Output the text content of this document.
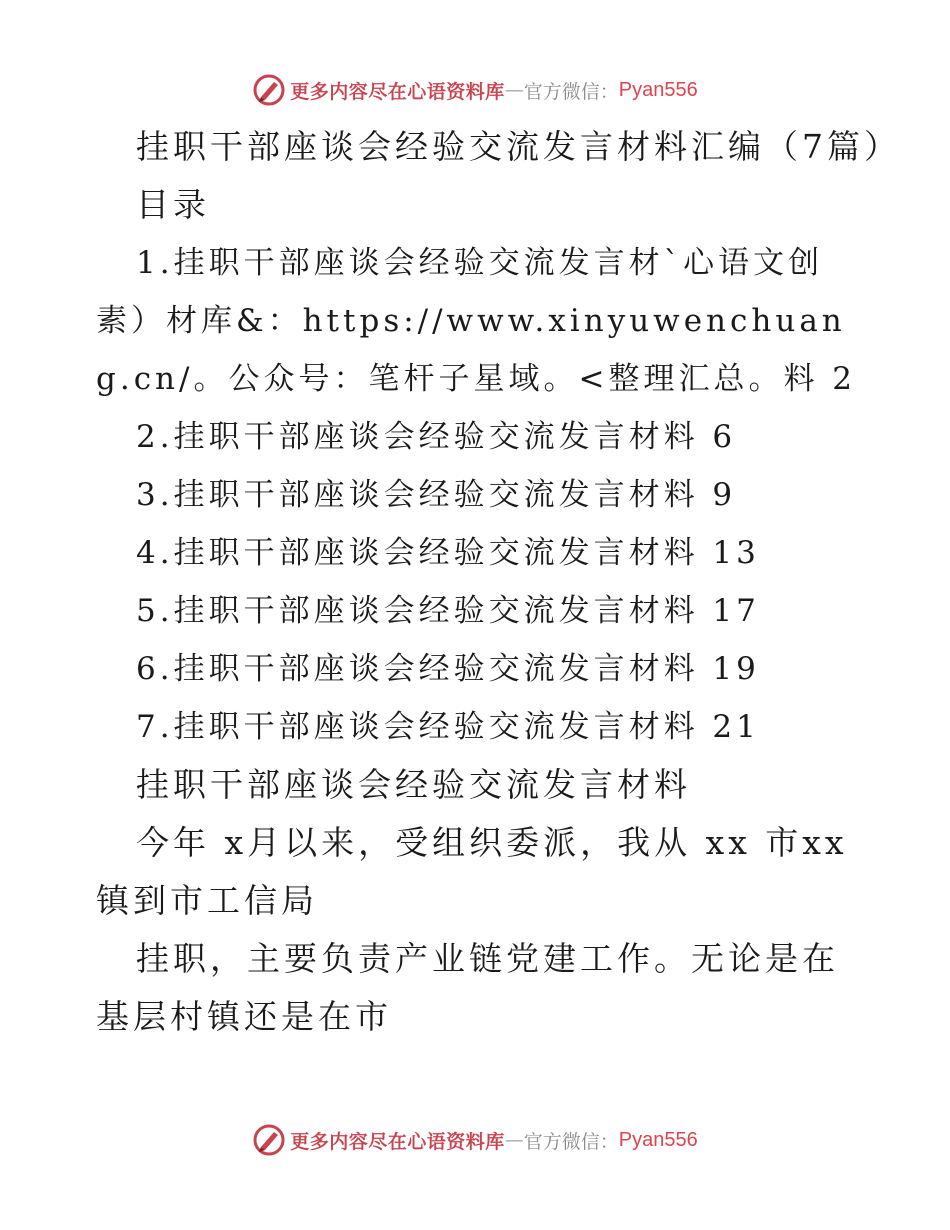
更多内容尽在心语资料库 — 官方微信： Pyan556
挂职干部座谈会经验交流发言材料汇编（7篇）
目录
1.挂职干部座谈会经验交流发言材`心语文创素）材库&：https://www.xinyuwenchuang.cn/。公众号：笔杆子星域。<整理汇总。料 2
2.挂职干部座谈会经验交流发言材料 6
3.挂职干部座谈会经验交流发言材料 9
4.挂职干部座谈会经验交流发言材料 13
5.挂职干部座谈会经验交流发言材料 17
6.挂职干部座谈会经验交流发言材料 19
7.挂职干部座谈会经验交流发言材料 21
挂职干部座谈会经验交流发言材料
今年 x月以来，受组织委派，我从 xx 市xx 镇到市工信局
挂职，主要负责产业链党建工作。无论是在基层村镇还是在市
更多内容尽在心语资料库 — 官方微信： Pyan556
